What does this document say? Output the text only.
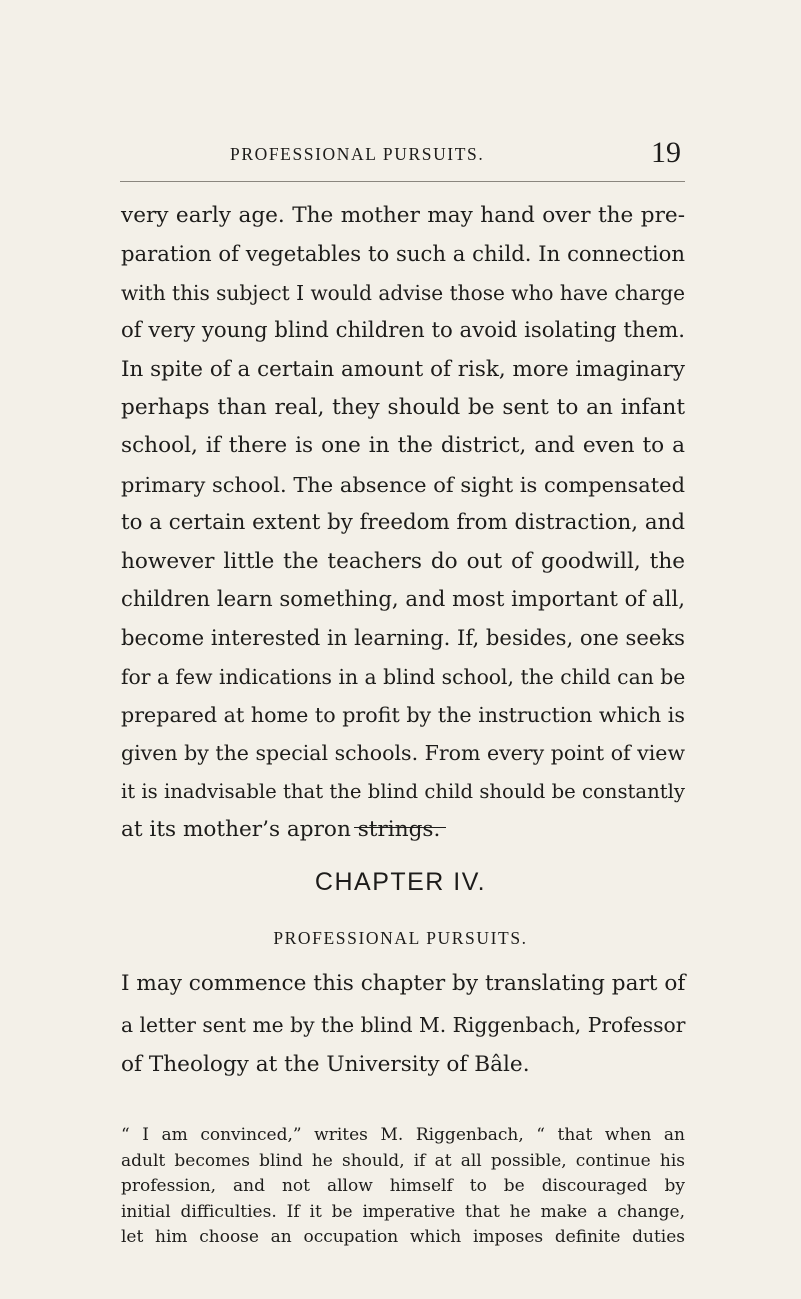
PROFESSIONAL PURSUITS.	19
very early age. The mother may hand over the pre-
paration of vegetables to such a child. In connection
with this subject I would advise those who have charge
of very young blind children to avoid isolating them.
In spite of a certain amount of risk, more imaginary
perhaps than real, they should be sent to an infant
school, if there is one in the district, and even to a
primary school. The absence of sight is compensated
to a certain extent by freedom from distraction, and
however little the teachers do out of goodwill, the
children learn something, and most important of all,
become interested in learning. If, besides, one seeks
for a few indications in a blind school, the child can be
prepared at home to profit by the instruction which is
given by the special schools. From every point of view
it is inadvisable that the blind child should be constantly
at its mother’s apron strings.
CHAPTER IV.
PROFESSIONAL PURSUITS.
I may commence this chapter by translating part of
a letter sent me by the blind M. Riggenbach, Professor
of Theology at the University of Bâle.
“ I am convinced,” writes M. Riggenbach, “ that when an
adult becomes blind he should, if at all possible, continue his
profession, and not allow himself to be discouraged by
initial difficulties. If it be imperative that he make a change,
let him choose an occupation which imposes definite duties
